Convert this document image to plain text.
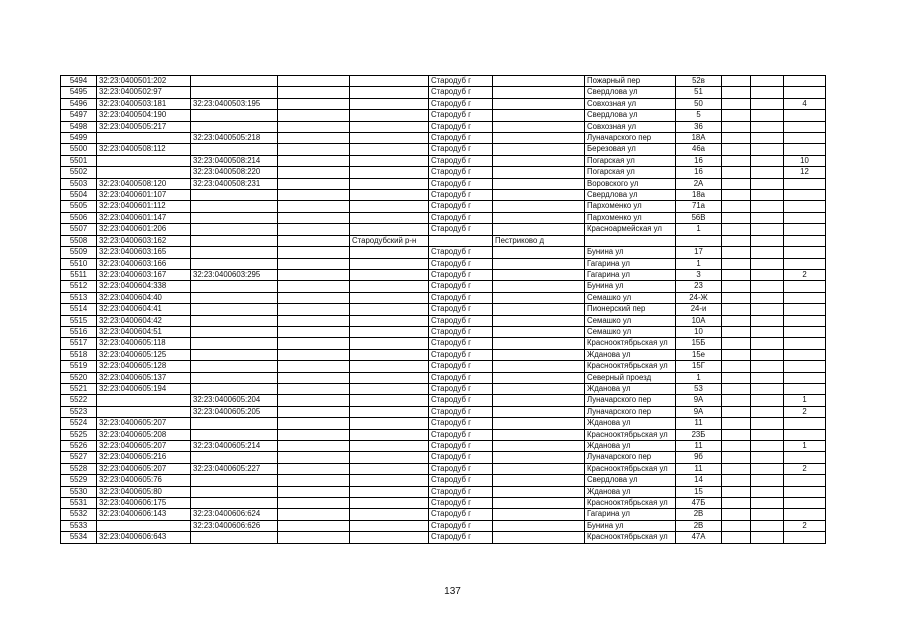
5494	32:23:0400501:202				Стародуб г		Пожарный пер	52в			
5495	32:23:0400502:97				Стародуб г		Свердлова ул	51			
5496	32:23:0400503:181	32:23:0400503:195			Стародуб г		Совхозная ул	50			4
5497	32:23:0400504:190				Стародуб г		Свердлова ул	5			
5498	32:23:0400505:217				Стародуб г		Совхозная ул	36			
5499		32:23:0400505:218			Стародуб г		Луначарского пер	18А			
5500	32:23:0400508:112				Стародуб г		Березовая ул	46а			
5501		32:23:0400508:214			Стародуб г		Погарская ул	16			10
5502		32:23:0400508:220			Стародуб г		Погарская ул	16			12
5503	32:23:0400508:120	32:23:0400508:231			Стародуб г		Воровского ул	2А			
5504	32:23:0400601:107				Стародуб г		Свердлова ул	18а			
5505	32:23:0400601:112				Стародуб г		Пархоменко ул	71а			
5506	32:23:0400601:147				Стародуб г		Пархоменко ул	56В			
5507	32:23:0400601:206				Стародуб г		Красноармейская ул	1			
5508	32:23:0400603:162			Стародубский р-н		Пестриково д					
5509	32:23:0400603:165				Стародуб г		Бунина ул	17			
5510	32:23:0400603:166				Стародуб г		Гагарина ул	1			
5511	32:23:0400603:167	32:23:0400603:295			Стародуб г		Гагарина ул	3			2
5512	32:23:0400604:338				Стародуб г		Бунина ул	23			
5513	32:23:0400604:40				Стародуб г		Семашко ул	24-Ж			
5514	32:23:0400604:41				Стародуб г		Пионерский пер	24-и			
5515	32:23:0400604:42				Стародуб г		Семашко ул	10А			
5516	32:23:0400604:51				Стародуб г		Семашко ул	10			
5517	32:23:0400605:118				Стародуб г		Краснооктябрьская ул	15Б			
5518	32:23:0400605:125				Стародуб г		Жданова ул	15е			
5519	32:23:0400605:128				Стародуб г		Краснооктябрьская ул	15Г			
5520	32:23:0400605:137				Стародуб г		Северный проезд	1			
5521	32:23:0400605:194				Стародуб г		Жданова ул	53			
5522		32:23:0400605:204			Стародуб г		Луначарского пер	9А			1
5523		32:23:0400605:205			Стародуб г		Луначарского пер	9А			2
5524	32:23:0400605:207				Стародуб г		Жданова ул	11			
5525	32:23:0400605:208				Стародуб г		Краснооктябрьская ул	23Б			
5526	32:23:0400605:207	32:23:0400605:214			Стародуб г		Жданова ул	11			1
5527	32:23:0400605:216				Стародуб г		Луначарского пер	9б			
5528	32:23:0400605:207	32:23:0400605:227			Стародуб г		Краснооктябрьская ул	11			2
5529	32:23:0400605:76				Стародуб г		Свердлова ул	14			
5530	32:23:0400605:80				Стародуб г		Жданова ул	15			
5531	32:23:0400606:175				Стародуб г		Краснооктябрьская ул	47Б			
5532	32:23:0400606:143	32:23:0400606:624			Стародуб г		Гагарина ул	2В			
5533		32:23:0400606:626			Стародуб г		Бунина ул	2В			2
5534	32:23:0400606:643				Стародуб г		Краснооктябрьская ул	47А			
137
